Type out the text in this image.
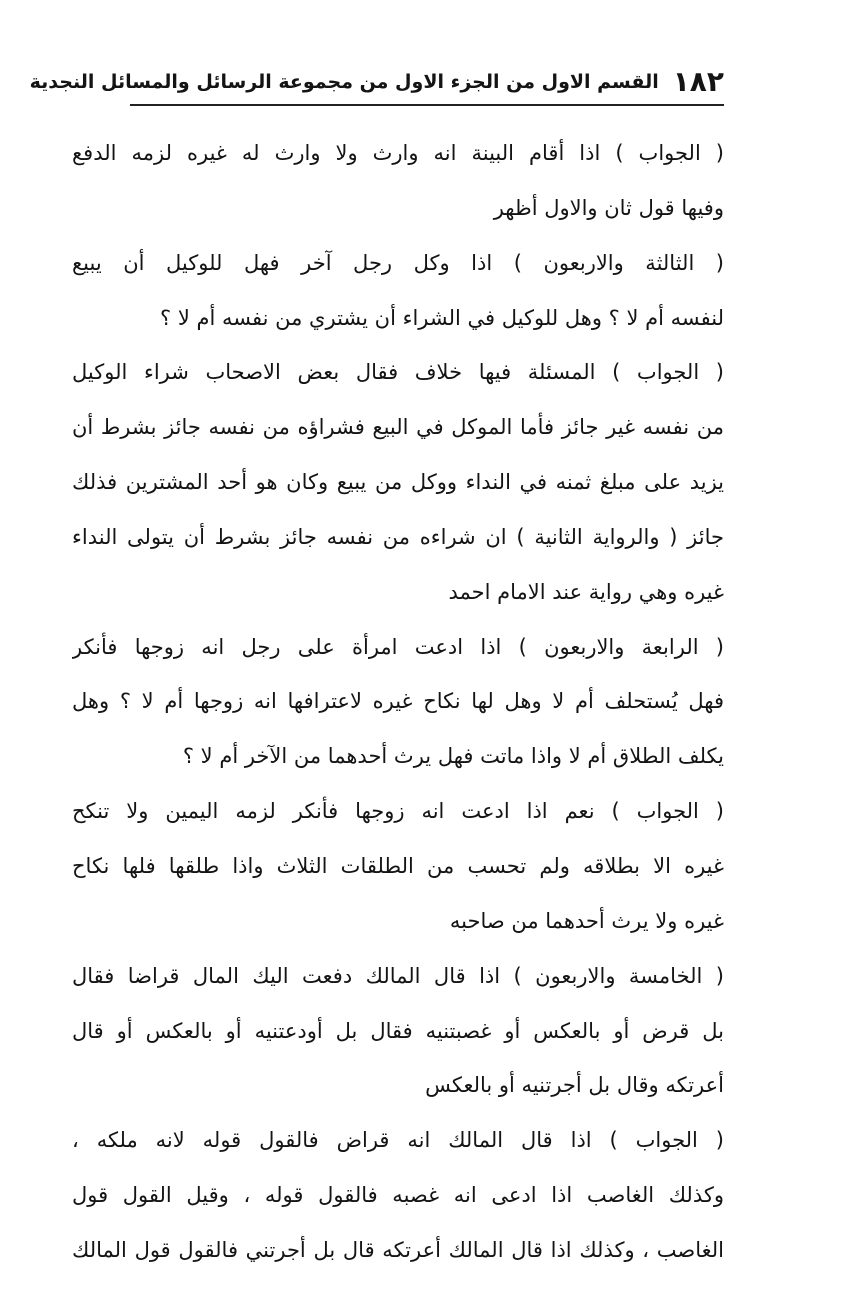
١٨٢
القسم الاول من الجزء الاول من مجموعة الرسائل والمسائل النجدية
( الجواب ) اذا أقام البينة انه وارث ولا وارث له غيره لزمه الدفع
وفيها قول ثان والاول أظهر
( الثالثة والاربعون ) اذا وكل رجل آخر فهل للوكيل أن يبيع
لنفسه أم لا ؟ وهل للوكيل في الشراء أن يشتري من نفسه أم لا ؟
( الجواب ) المسئلة فيها خلاف فقال بعض الاصحاب شراء الوكيل
من نفسه غير جائز فأما الموكل في البيع فشراؤه من نفسه جائز بشرط أن
يزيد على مبلغ ثمنه في النداء ووكل من يبيع وكان هو أحد المشترين فذلك
جائز ( والرواية الثانية ) ان شراءه من نفسه جائز بشرط أن يتولى النداء
غيره وهي رواية عند الامام احمد
( الرابعة والاربعون ) اذا ادعت امرأة على رجل انه زوجها فأنكر
فهل يُستحلف أم لا وهل لها نكاح غيره لاعترافها انه زوجها أم لا ؟ وهل
يكلف الطلاق أم لا واذا ماتت فهل يرث أحدهما من الآخر أم لا ؟
( الجواب ) نعم اذا ادعت انه زوجها فأنكر لزمه اليمين ولا تنكح
غيره الا بطلاقه ولم تحسب من الطلقات الثلاث واذا طلقها فلها نكاح
غيره ولا يرث أحدهما من صاحبه
( الخامسة والاربعون ) اذا قال المالك دفعت اليك المال قراضا فقال
بل قرض أو بالعكس أو غصبتنيه فقال بل أودعتنيه أو بالعكس أو قال
أعرتكه وقال بل أجرتنيه أو بالعكس
( الجواب ) اذا قال المالك انه قراض فالقول قوله لانه ملكه ،
وكذلك الغاصب اذا ادعى انه غصبه فالقول قوله ، وقيل القول قول
الغاصب ، وكذلك اذا قال المالك أعرتكه قال بل أجرتني فالقول قول المالك
